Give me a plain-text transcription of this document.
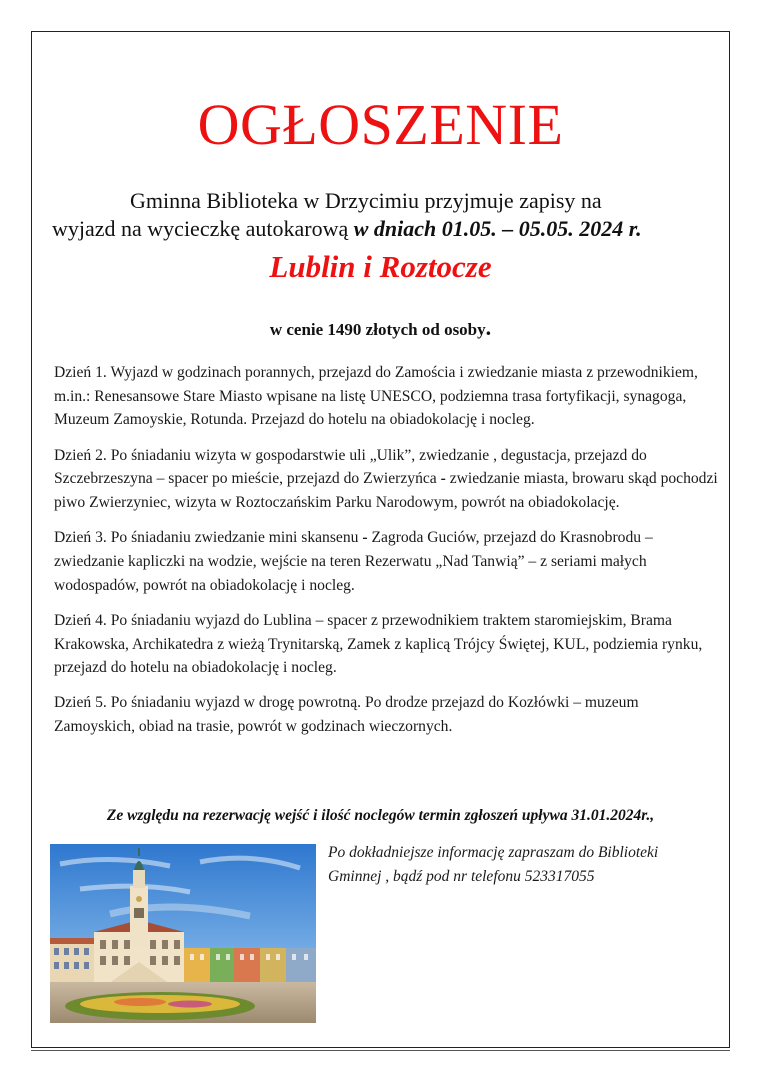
OGŁOSZENIE
Gminna Biblioteka w Drzycimiu przyjmuje zapisy na
wyjazd na wycieczkę autokarową w dniach 01.05. – 05.05. 2024 r.
Lublin i Roztocze
w cenie 1490 złotych od osoby.

Dzień 1. Wyjazd w godzinach porannych, przejazd do Zamościa i zwiedzanie miasta z przewodnikiem, m.in.: Renesansowe Stare Miasto wpisane na listę UNESCO, podziemna trasa fortyfikacji, synagoga, Muzeum Zamoyskie, Rotunda. Przejazd do hotelu na obiadokolację i nocleg.

Dzień 2. Po śniadaniu wizyta w gospodarstwie uli „Ulik”, zwiedzanie , degustacja, przejazd do Szczebrzeszyna – spacer po mieście, przejazd do Zwierzyńca - zwiedzanie miasta, browaru skąd pochodzi piwo Zwierzyniec, wizyta w Roztoczańskim Parku Narodowym, powrót na obiadokolację.

Dzień 3. Po śniadaniu zwiedzanie mini skansenu - Zagroda Guciów, przejazd do Krasnobrodu – zwiedzanie kapliczki na wodzie, wejście na teren Rezerwatu „Nad Tanwią” – z seriami małych wodospadów, powrót na obiadokolację i nocleg.

Dzień 4. Po śniadaniu wyjazd do Lublina – spacer z przewodnikiem traktem staromiejskim, Brama Krakowska, Archikatedra z wieżą Trynitarską, Zamek z kaplicą Trójcy Świętej, KUL, podziemia rynku, przejazd do hotelu na obiadokolację i nocleg.

Dzień 5. Po śniadaniu wyjazd w drogę powrotną. Po drodze przejazd do Kozłówki – muzeum Zamoyskich, obiad na trasie, powrót w godzinach wieczornych.

Ze względu na rezerwację wejść i ilość noclegów termin zgłoszeń upływa 31.01.2024r.,
Po dokładniejsze informację zapraszam do Biblioteki
Gminnej , bądź pod nr telefonu 523317055
